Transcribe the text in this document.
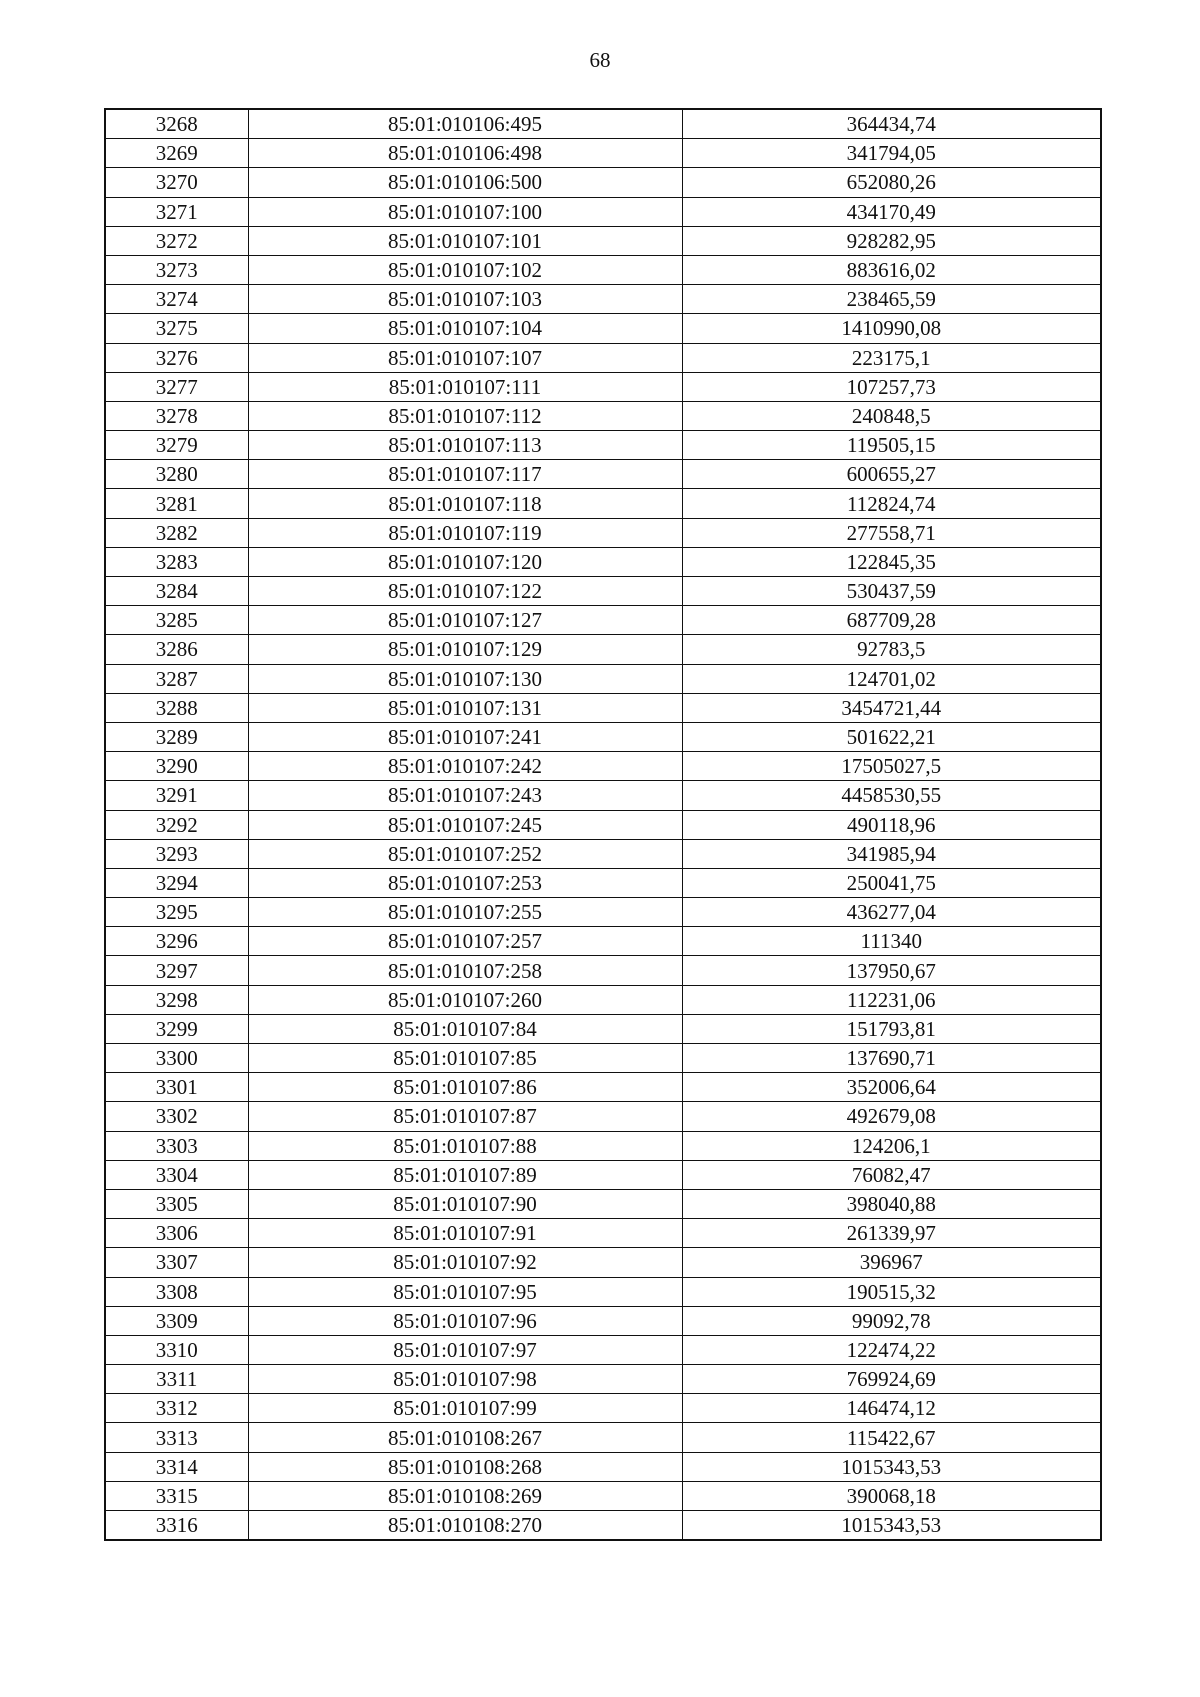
68
3268	85:01:010106:495	364434,74
3269	85:01:010106:498	341794,05
3270	85:01:010106:500	652080,26
3271	85:01:010107:100	434170,49
3272	85:01:010107:101	928282,95
3273	85:01:010107:102	883616,02
3274	85:01:010107:103	238465,59
3275	85:01:010107:104	1410990,08
3276	85:01:010107:107	223175,1
3277	85:01:010107:111	107257,73
3278	85:01:010107:112	240848,5
3279	85:01:010107:113	119505,15
3280	85:01:010107:117	600655,27
3281	85:01:010107:118	112824,74
3282	85:01:010107:119	277558,71
3283	85:01:010107:120	122845,35
3284	85:01:010107:122	530437,59
3285	85:01:010107:127	687709,28
3286	85:01:010107:129	92783,5
3287	85:01:010107:130	124701,02
3288	85:01:010107:131	3454721,44
3289	85:01:010107:241	501622,21
3290	85:01:010107:242	17505027,5
3291	85:01:010107:243	4458530,55
3292	85:01:010107:245	490118,96
3293	85:01:010107:252	341985,94
3294	85:01:010107:253	250041,75
3295	85:01:010107:255	436277,04
3296	85:01:010107:257	111340
3297	85:01:010107:258	137950,67
3298	85:01:010107:260	112231,06
3299	85:01:010107:84	151793,81
3300	85:01:010107:85	137690,71
3301	85:01:010107:86	352006,64
3302	85:01:010107:87	492679,08
3303	85:01:010107:88	124206,1
3304	85:01:010107:89	76082,47
3305	85:01:010107:90	398040,88
3306	85:01:010107:91	261339,97
3307	85:01:010107:92	396967
3308	85:01:010107:95	190515,32
3309	85:01:010107:96	99092,78
3310	85:01:010107:97	122474,22
3311	85:01:010107:98	769924,69
3312	85:01:010107:99	146474,12
3313	85:01:010108:267	115422,67
3314	85:01:010108:268	1015343,53
3315	85:01:010108:269	390068,18
3316	85:01:010108:270	1015343,53
